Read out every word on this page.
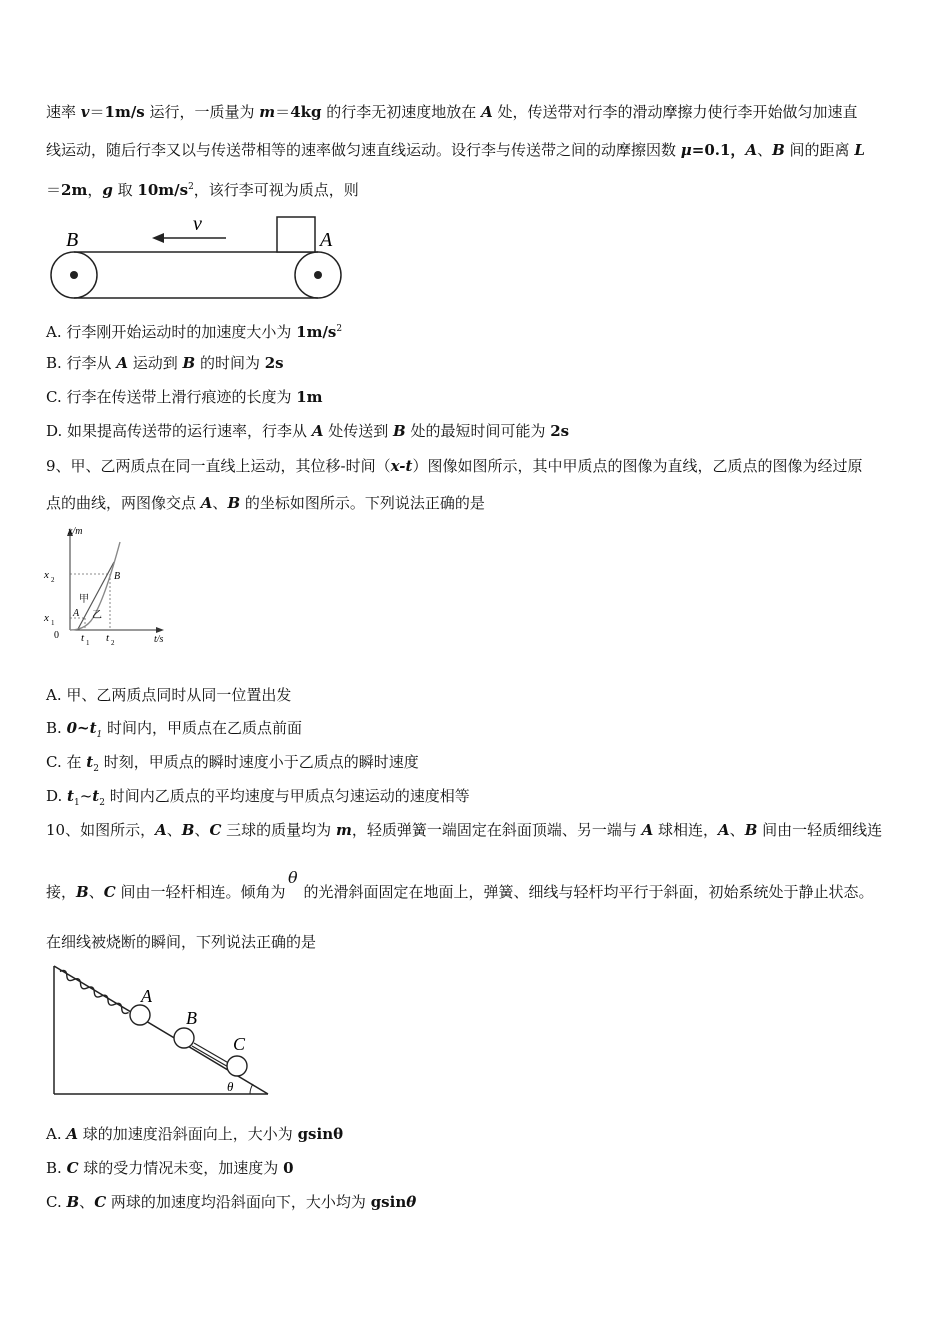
速率 v＝1m/s 运行，一质量为 m＝4kg 的行李无初速度地放在 A 处，传送带对行李的滑动摩擦力使行李开始做匀加速直
线运动，随后行李又以与传送带相等的速率做匀速直线运动。设行李与传送带之间的动摩擦因数 μ=0.1，A、B 间的距离 L
＝2m，g 取 $10m/s^2$，该行李可视为质点，则
B	A
v
A. 行李刚开始运动时的加速度大小为 $1m/s^2$
B. 行李从 A 运动到 B 的时间为 2s
C. 行李在传送带上滑行痕迹的长度为 1m
D. 如果提高传送带的运行速率，行李从 A 处传送到 B 处的最短时间可能为 2s
9、甲、乙两质点在同一直线上运动，其位移-时间（x-t）图像如图所示，其中甲质点的图像为直线，乙质点的图像为经过原
点的曲线，两图像交点 A、B 的坐标如图所示。下列说法正确的是
x/m
t/s
0
x 2
x 1
t 1 t 2
A
B
甲
乙
A. 甲、乙两质点同时从同一位置出发
B. $0\sim t_1$ 时间内，甲质点在乙质点前面
C. 在 $t_2$ 时刻，甲质点的瞬时速度小于乙质点的瞬时速度
D. $t_1\sim t_2$ 时间内乙质点的平均速度与甲质点匀速运动的速度相等
10、如图所示，A、B、C 三球的质量均为 m，轻质弹簧一端固定在斜面顶端、另一端与 A 球相连，A、B 间由一轻质细线连
θ
接，B、C 间由一轻杆相连。倾角为 的光滑斜面固定在地面上，弹簧、细线与轻杆均平行于斜面，初始系统处于静止状态。
在细线被烧断的瞬间，下列说法正确的是
A
B
C
θ
A. A 球的加速度沿斜面向上，大小为 gsinθ
B. C 球的受力情况未变，加速度为 0
C. B、C 两球的加速度均沿斜面向下，大小均为 gsinθ
